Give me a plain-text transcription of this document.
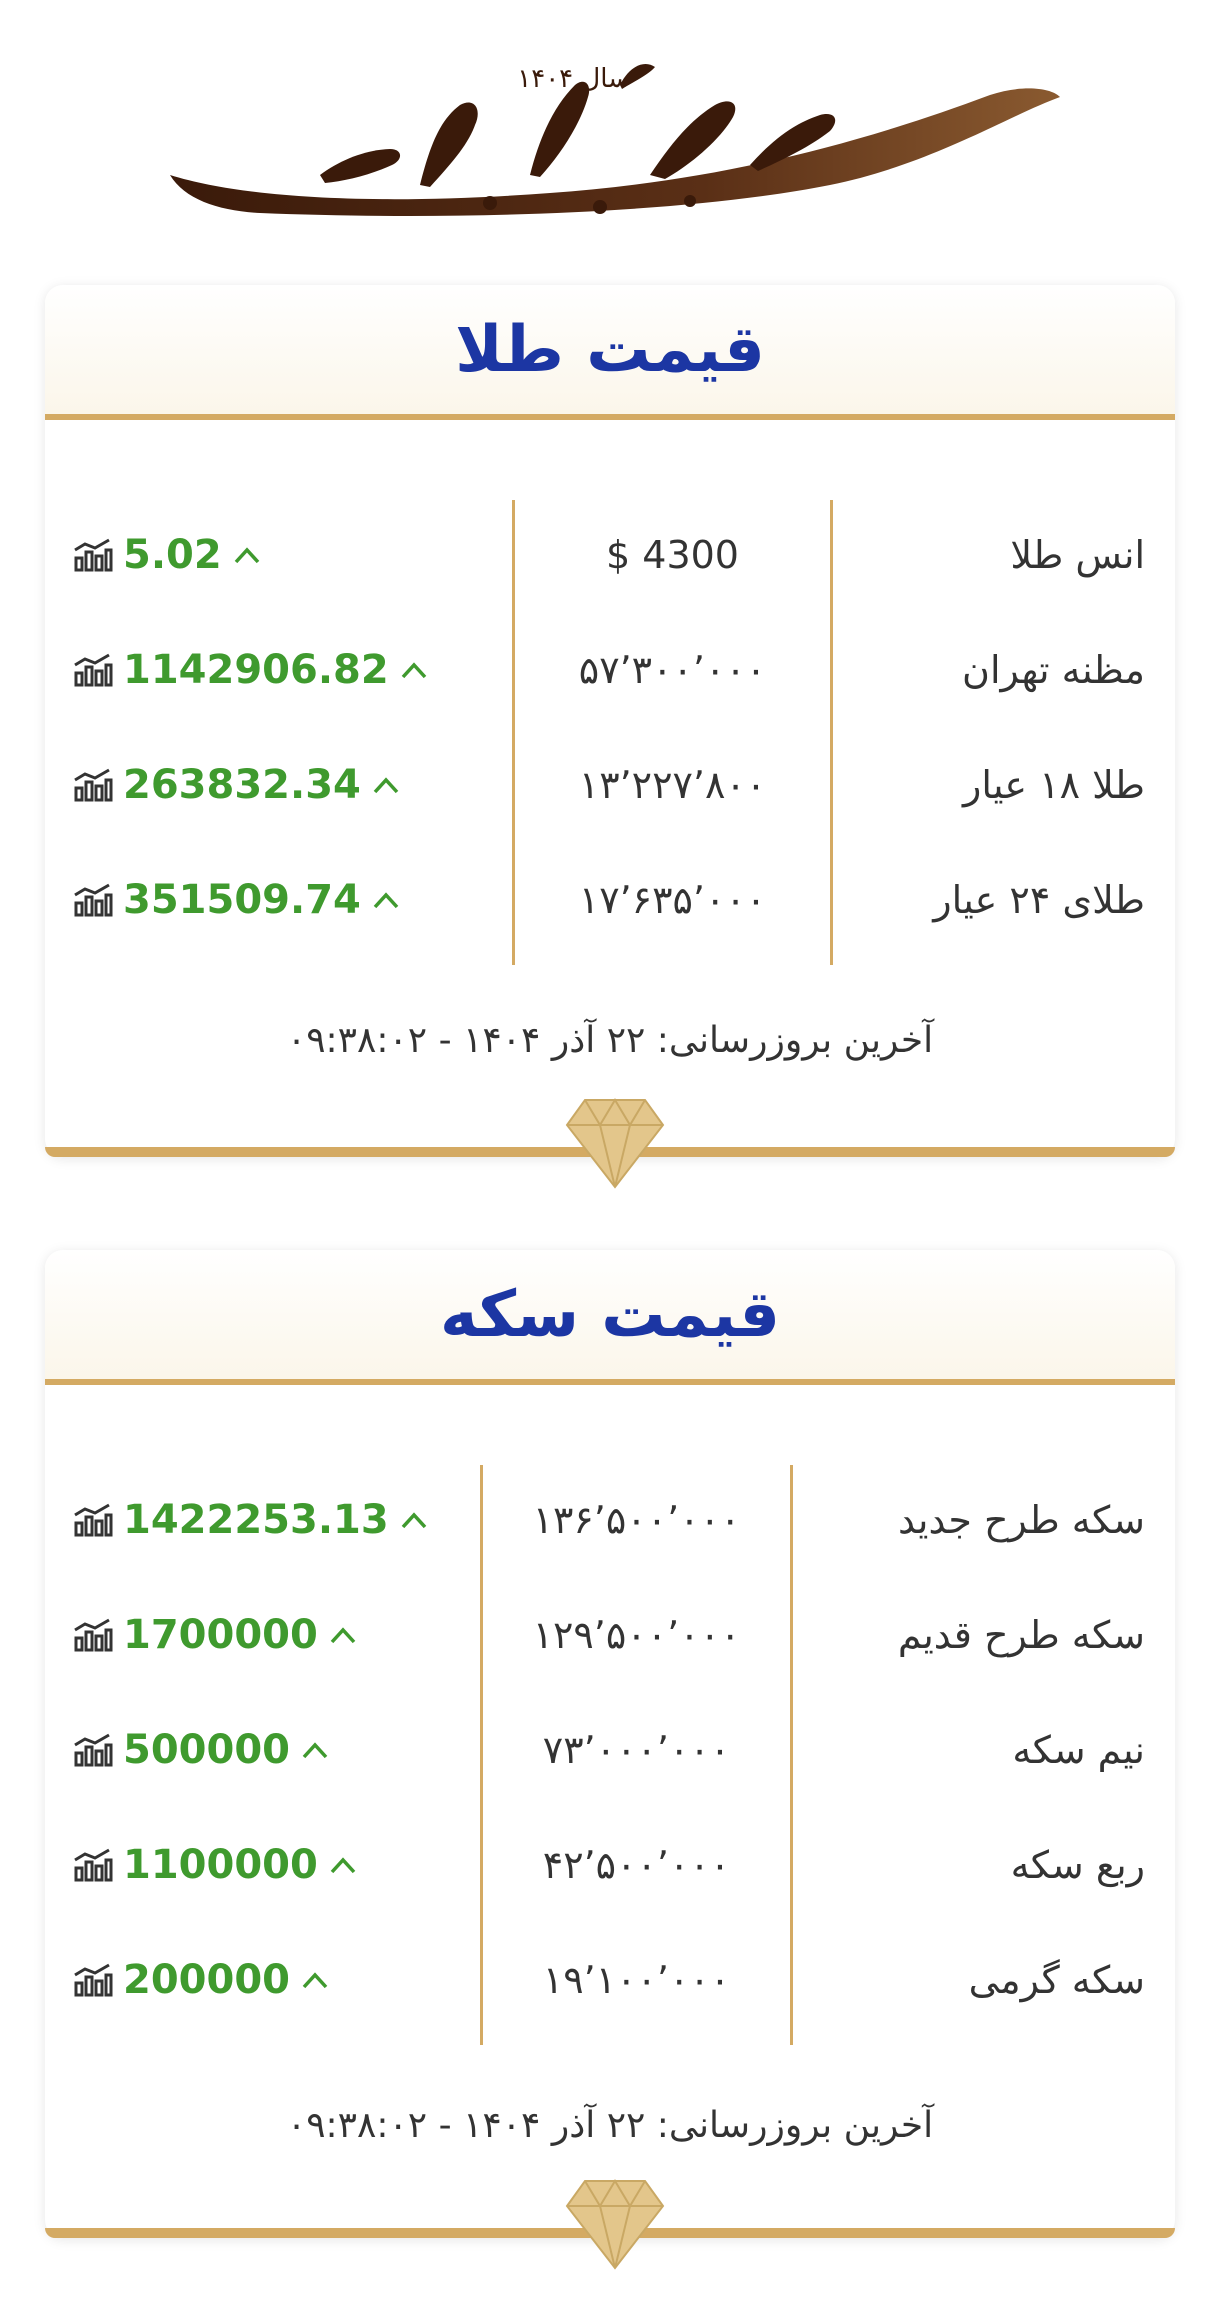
سال ۱۴۰۴
قیمت طلا
انس طلا
4300 $
5.02
مظنه تهران
۵۷٬۳۰۰٬۰۰۰
1142906.82
طلا ۱۸ عیار
۱۳٬۲۲۷٬۸۰۰
263832.34
طلای ۲۴ عیار
۱۷٬۶۳۵٬۰۰۰
351509.74
آخرین بروزرسانی: ۲۲ آذر ۱۴۰۴ - ۰۹:۳۸:۰۲
قیمت سکه
سکه طرح جدید
۱۳۶٬۵۰۰٬۰۰۰
1422253.13
سکه طرح قدیم
۱۲۹٬۵۰۰٬۰۰۰
1700000
نیم سکه
۷۳٬۰۰۰٬۰۰۰
500000
ربع سکه
۴۲٬۵۰۰٬۰۰۰
1100000
سکه گرمی
۱۹٬۱۰۰٬۰۰۰
200000
آخرین بروزرسانی: ۲۲ آذر ۱۴۰۴ - ۰۹:۳۸:۰۲
